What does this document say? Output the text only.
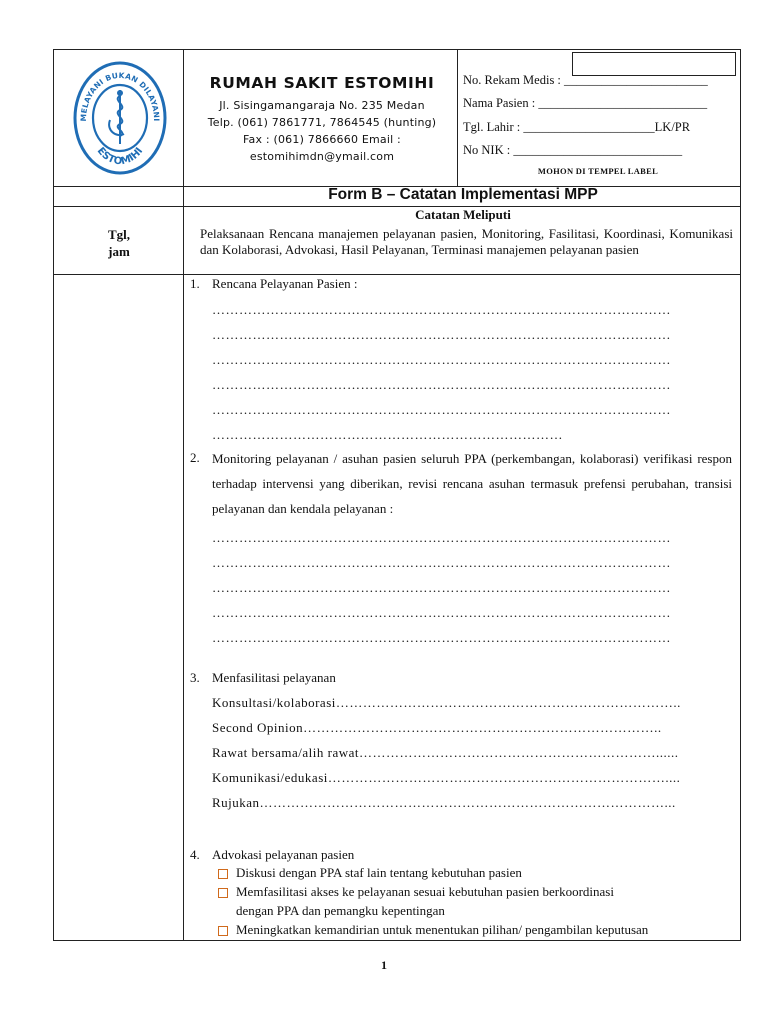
MELAYANI BUKAN DILAYANI
ESTOMIHI
RUMAH SAKIT ESTOMIHI
Jl. Sisingamangaraja No. 235 Medan
Telp. (061) 7861771, 7864545 (hunting)
Fax : (061) 7866660 Email :
estomihimdn@ymail.com
No. Rekam Medis : _______________________
Nama Pasien : ___________________________
Tgl. Lahir : _____________________LK/PR
No NIK : ___________________________
MOHON DI TEMPEL LABEL
Form B – Catatan Implementasi MPP
Tgl,
jam
Catatan Meliputi
Pelaksanaan Rencana manajemen pelayanan pasien, Monitoring, Fasilitasi, Koordinasi, Komunikasi dan Kolaborasi, Advokasi, Hasil Pelayanan, Terminasi manajemen pelayanan pasien
1. Rencana Pelayanan Pasien :
…………………………………………………………………………………………
…………………………………………………………………………………………
…………………………………………………………………………………………
…………………………………………………………………………………………
…………………………………………………………………………………………
……………………………………………………………………
2. Monitoring pelayanan / asuhan pasien seluruh PPA (perkembangan, kolaborasi) verifikasi respon terhadap intervensi yang diberikan, revisi rencana asuhan termasuk prefensi perubahan, transisi pelayanan dan kendala pelayanan :
…………………………………………………………………………………………
…………………………………………………………………………………………
…………………………………………………………………………………………
…………………………………………………………………………………………
…………………………………………………………………………………………
3. Menfasilitasi pelayanan
Konsultasi/kolaborasi…………………………………………………………………..
Second Opinion……………………………………………………………………..
Rawat bersama/alih rawat…………………………………………………………......
Komunikasi/edukasi…………………………………………………………………....
Rujukan………………………………………………………………………………...
4. Advokasi pelayanan pasien
Diskusi dengan PPA staf lain tentang kebutuhan pasien
Memfasilitasi akses ke pelayanan sesuai kebutuhan pasien berkoordinasi
dengan PPA dan pemangku kepentingan
Meningkatkan kemandirian untuk menentukan pilihan/ pengambilan keputusan
1
